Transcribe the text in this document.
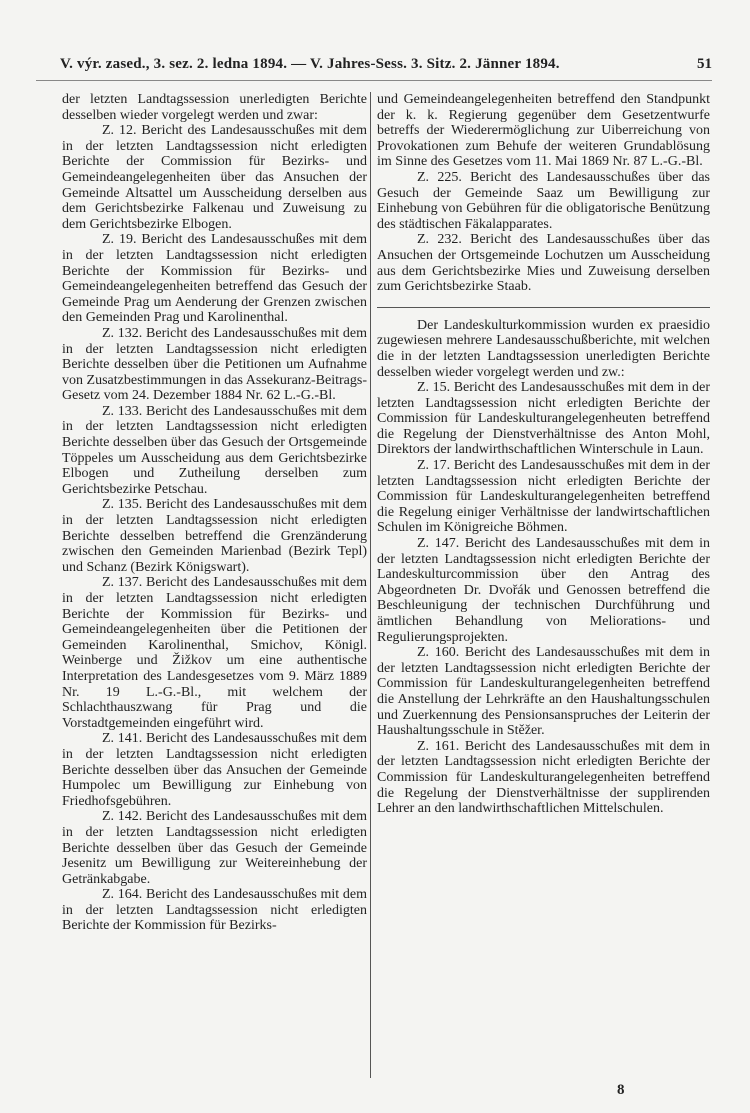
V. výr. zased., 3. sez. 2. ledna 1894. — V. Jahres-Sess. 3. Sitz. 2. Jänner 1894.	51

der letzten Landtagssession unerledigten Berichte desselben wieder vorgelegt werden und zwar:

Z. 12. Bericht des Landesausschußes mit dem in der letzten Landtagssession nicht erledigten Berichte der Commission für Bezirks- und Gemeindeangelegenheiten über das Ansuchen der Gemeinde Altsattel um Ausscheidung derselben aus dem Gerichtsbezirke Falkenau und Zuweisung zu dem Gerichtsbezirke Elbogen.

Z. 19. Bericht des Landesausschußes mit dem in der letzten Landtagssession nicht erledigten Berichte der Kommission für Bezirks- und Gemeindeangelegenheiten betreffend das Gesuch der Gemeinde Prag um Aenderung der Grenzen zwischen den Gemeinden Prag und Karolinenthal.

Z. 132. Bericht des Landesausschußes mit dem in der letzten Landtagssession nicht erledigten Berichte desselben über die Petitionen um Aufnahme von Zusatzbestimmungen in das Assekuranz-Beitrags-Gesetz vom 24. Dezember 1884 Nr. 62 L.-G.-Bl.

Z. 133. Bericht des Landesausschußes mit dem in der letzten Landtagssession nicht erledigten Berichte desselben über das Gesuch der Ortsgemeinde Töppeles um Ausscheidung aus dem Gerichtsbezirke Elbogen und Zutheilung derselben zum Gerichtsbezirke Petschau.

Z. 135. Bericht des Landesausschußes mit dem in der letzten Landtagssession nicht erledigten Berichte desselben betreffend die Grenzänderung zwischen den Gemeinden Marienbad (Bezirk Tepl) und Schanz (Bezirk Königswart).

Z. 137. Bericht des Landesausschußes mit dem in der letzten Landtagssession nicht erledigten Berichte der Kommission für Bezirks- und Gemeindeangelegenheiten über die Petitionen der Gemeinden Karolinenthal, Smichov, Königl. Weinberge und Žižkov um eine authentische Interpretation des Landesgesetzes vom 9. März 1889 Nr. 19 L.-G.-Bl., mit welchem der Schlachthauszwang für Prag und die Vorstadtgemeinden eingeführt wird.

Z. 141. Bericht des Landesausschußes mit dem in der letzten Landtagssession nicht erledigten Berichte desselben über das Ansuchen der Gemeinde Humpolec um Bewilligung zur Einhebung von Friedhofsgebühren.

Z. 142. Bericht des Landesausschußes mit dem in der letzten Landtagssession nicht erledigten Berichte desselben über das Gesuch der Gemeinde Jesenitz um Bewilligung zur Weitereinhebung der Getränkabgabe.

Z. 164. Bericht des Landesausschußes mit dem in der letzten Landtagssession nicht erledigten Berichte der Kommission für Bezirks-

und Gemeindeangelegenheiten betreffend den Standpunkt der k. k. Regierung gegenüber dem Gesetzentwurfe betreffs der Wiederermöglichung zur Uiberreichung von Provokationen zum Behufe der weiteren Grundablösung im Sinne des Gesetzes vom 11. Mai 1869 Nr. 87 L.-G.-Bl.

Z. 225. Bericht des Landesausschußes über das Gesuch der Gemeinde Saaz um Bewilligung zur Einhebung von Gebühren für die obligatorische Benützung des städtischen Fäkalapparates.

Z. 232. Bericht des Landesausschußes über das Ansuchen der Ortsgemeinde Lochutzen um Ausscheidung aus dem Gerichtsbezirke Mies und Zuweisung derselben zum Gerichtsbezirke Staab.

Der Landeskulturkommission wurden ex praesidio zugewiesen mehrere Landesausschußberichte, mit welchen die in der letzten Landtagssession unerledigten Berichte desselben wieder vorgelegt werden und zw.:

Z. 15. Bericht des Landesausschußes mit dem in der letzten Landtagssession nicht erledigten Berichte der Commission für Landeskulturangelegenheuten betreffend die Regelung der Dienstverhältnisse des Anton Mohl, Direktors der landwirthschaftlichen Winterschule in Laun.

Z. 17. Bericht des Landesausschußes mit dem in der letzten Landtagssession nicht erledigten Berichte der Commission für Landeskulturangelegenheiten betreffend die Regelung einiger Verhältnisse der landwirtschaftlichen Schulen im Königreiche Böhmen.

Z. 147. Bericht des Landesausschußes mit dem in der letzten Landtagssession nicht erledigten Berichte der Landeskulturcommission über den Antrag des Abgeordneten Dr. Dvořák und Genossen betreffend die Beschleunigung der technischen Durchführung und ämtlichen Behandlung von Meliorations- und Regulierungsprojekten.

Z. 160. Bericht des Landesausschußes mit dem in der letzten Landtagssession nicht erledigten Berichte der Commission für Landeskulturangelegenheiten betreffend die Anstellung der Lehrkräfte an den Haushaltungsschulen und Zuerkennung des Pensionsanspruches der Leiterin der Haushaltungsschule in Stěžer.

Z. 161. Bericht des Landesausschußes mit dem in der letzten Landtagssession nicht erledigten Berichte der Commission für Landeskulturangelegenheiten betreffend die Regelung der Dienstverhältnisse der supplirenden Lehrer an den landwirthschaftlichen Mittelschulen.

8
